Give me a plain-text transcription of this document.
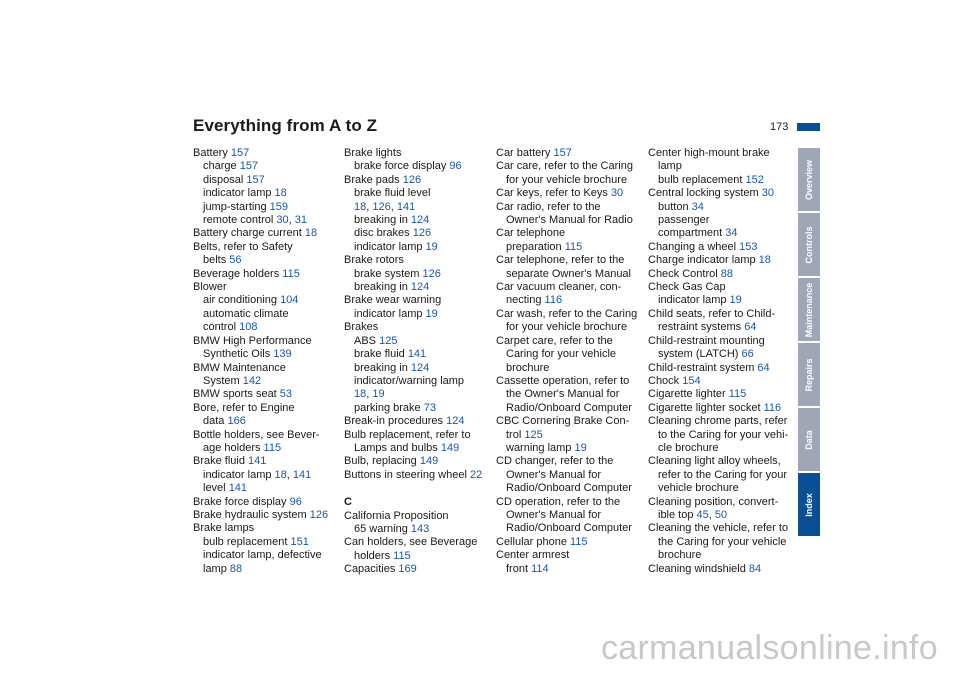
Everything from A to Z	173
Battery 157
charge 157
disposal 157
indicator lamp 18
jump-starting 159
remote control 30, 31
Battery charge current 18
Belts, refer to Safety
belts 56
Beverage holders 115
Blower
air conditioning 104
automatic climate
control 108
BMW High Performance
Synthetic Oils 139
BMW Maintenance
System 142
BMW sports seat 53
Bore, refer to Engine
data 166
Bottle holders, see Bever-
age holders 115
Brake fluid 141
indicator lamp 18, 141
level 141
Brake force display 96
Brake hydraulic system 126
Brake lamps
bulb replacement 151
indicator lamp, defective
lamp 88
Brake lights
brake force display 96
Brake pads 126
brake fluid level
18, 126, 141
breaking in 124
disc brakes 126
indicator lamp 19
Brake rotors
brake system 126
breaking in 124
Brake wear warning
indicator lamp 19
Brakes
ABS 125
brake fluid 141
breaking in 124
indicator/warning lamp
18, 19
parking brake 73
Break-in procedures 124
Bulb replacement, refer to
Lamps and bulbs 149
Bulb, replacing 149
Buttons in steering wheel 22
C
California Proposition
65 warning 143
Can holders, see Beverage
holders 115
Capacities 169
Car battery 157
Car care, refer to the Caring
for your vehicle brochure
Car keys, refer to Keys 30
Car radio, refer to the
Owner's Manual for Radio
Car telephone
preparation 115
Car telephone, refer to the
separate Owner's Manual
Car vacuum cleaner, con-
necting 116
Car wash, refer to the Caring
for your vehicle brochure
Carpet care, refer to the
Caring for your vehicle
brochure
Cassette operation, refer to
the Owner's Manual for
Radio/Onboard Computer
CBC Cornering Brake Con-
trol 125
warning lamp 19
CD changer, refer to the
Owner's Manual for
Radio/Onboard Computer
CD operation, refer to the
Owner's Manual for
Radio/Onboard Computer
Cellular phone 115
Center armrest
front 114
Center high-mount brake
lamp
bulb replacement 152
Central locking system 30
button 34
passenger
compartment 34
Changing a wheel 153
Charge indicator lamp 18
Check Control 88
Check Gas Cap
indicator lamp 19
Child seats, refer to Child-
restraint systems 64
Child-restraint mounting
system (LATCH) 66
Child-restraint system 64
Chock 154
Cigarette lighter 115
Cigarette lighter socket 116
Cleaning chrome parts, refer
to the Caring for your vehi-
cle brochure
Cleaning light alloy wheels,
refer to the Caring for your
vehicle brochure
Cleaning position, convert-
ible top 45, 50
Cleaning the vehicle, refer to
the Caring for your vehicle
brochure
Cleaning windshield 84
Overview
Controls
Maintenance
Repairs
Data
Index
carmanualsonline.info
